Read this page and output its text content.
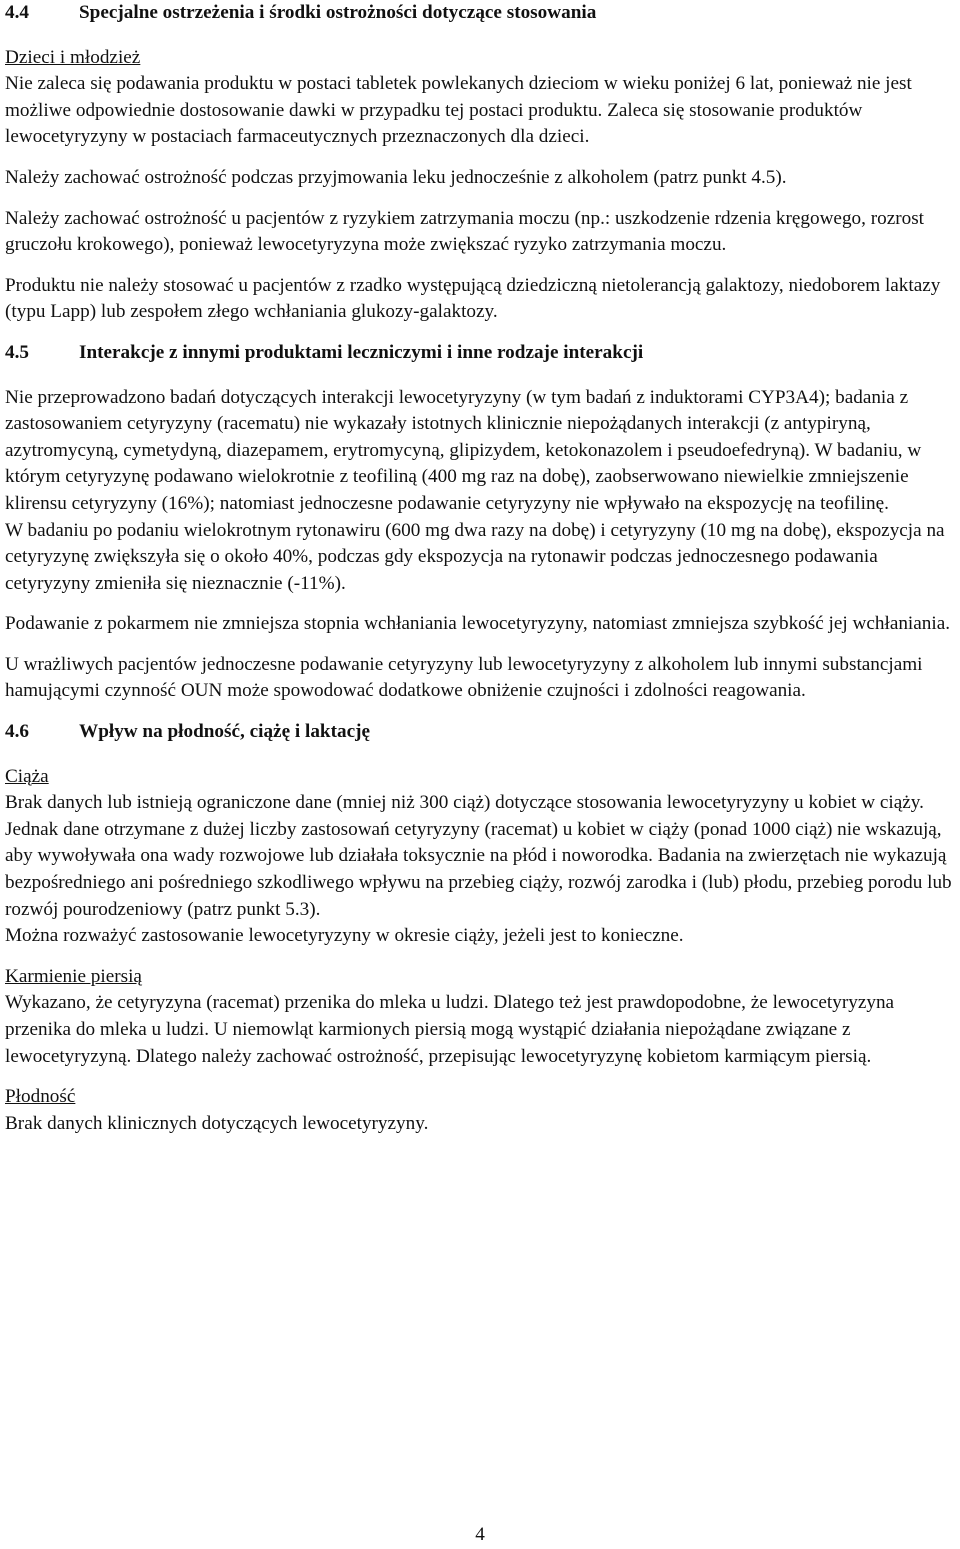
4.4	Specjalne ostrzeżenia i środki ostrożności dotyczące stosowania

Dzieci i młodzież

Nie zaleca się podawania produktu w postaci tabletek powlekanych dzieciom w wieku poniżej 6 lat, ponieważ nie jest możliwe odpowiednie dostosowanie dawki w przypadku tej postaci produktu. Zaleca się stosowanie produktów lewocetyryzyny w postaciach farmaceutycznych przeznaczonych dla dzieci.

Należy zachować ostrożność podczas przyjmowania leku jednocześnie z alkoholem (patrz punkt 4.5).

Należy zachować ostrożność u pacjentów z ryzykiem zatrzymania moczu (np.: uszkodzenie rdzenia kręgowego, rozrost gruczołu krokowego), ponieważ lewocetyryzyna może zwiększać ryzyko zatrzymania moczu.

Produktu nie należy stosować u pacjentów z rzadko występującą dziedziczną nietolerancją galaktozy, niedoborem laktazy (typu Lapp) lub zespołem złego wchłaniania glukozy-galaktozy.

4.5	Interakcje z innymi produktami leczniczymi i inne rodzaje interakcji

Nie przeprowadzono badań dotyczących interakcji lewocetyryzyny (w tym badań z induktorami CYP3A4); badania z zastosowaniem cetyryzyny (racematu) nie wykazały istotnych klinicznie niepożądanych interakcji (z antypiryną, azytromycyną, cymetydyną, diazepamem, erytromycyną, glipizydem, ketokonazolem i pseudoefedryną). W badaniu, w którym cetyryzynę podawano wielokrotnie z teofiliną (400 mg raz na dobę), zaobserwowano niewielkie zmniejszenie klirensu cetyryzyny (16%); natomiast jednoczesne podawanie cetyryzyny nie wpływało na ekspozycję na teofilinę.

W badaniu po podaniu wielokrotnym rytonawiru (600 mg dwa razy na dobę) i cetyryzyny (10 mg na dobę), ekspozycja na cetyryzynę zwiększyła się o około 40%, podczas gdy ekspozycja na rytonawir podczas jednoczesnego podawania cetyryzyny zmieniła się nieznacznie (-11%).

Podawanie z pokarmem nie zmniejsza stopnia wchłaniania lewocetyryzyny, natomiast zmniejsza szybkość jej wchłaniania.

U wrażliwych pacjentów jednoczesne podawanie cetyryzyny lub lewocetyryzyny z alkoholem lub innymi substancjami hamującymi czynność OUN może spowodować dodatkowe obniżenie czujności i zdolności reagowania.

4.6	Wpływ na płodność, ciążę i laktację

Ciąża

Brak danych lub istnieją ograniczone dane (mniej niż 300 ciąż) dotyczące stosowania lewocetyryzyny u kobiet w ciąży. Jednak dane otrzymane z dużej liczby zastosowań cetyryzyny (racemat) u kobiet w ciąży (ponad 1000 ciąż) nie wskazują, aby wywoływała ona wady rozwojowe lub działała toksycznie na płód i noworodka. Badania na zwierzętach nie wykazują bezpośredniego ani pośredniego szkodliwego wpływu na przebieg ciąży, rozwój zarodka i (lub) płodu, przebieg porodu lub rozwój pourodzeniowy (patrz punkt 5.3).

Można rozważyć zastosowanie lewocetyryzyny w okresie ciąży, jeżeli jest to konieczne.

Karmienie piersią

Wykazano, że cetyryzyna (racemat) przenika do mleka u ludzi. Dlatego też jest prawdopodobne, że lewocetyryzyna przenika do mleka u ludzi. U niemowląt karmionych piersią mogą wystąpić działania niepożądane związane z lewocetyryzyną. Dlatego należy zachować ostrożność, przepisując lewocetyryzynę kobietom karmiącym piersią.

Płodność

Brak danych klinicznych dotyczących lewocetyryzyny.

4
